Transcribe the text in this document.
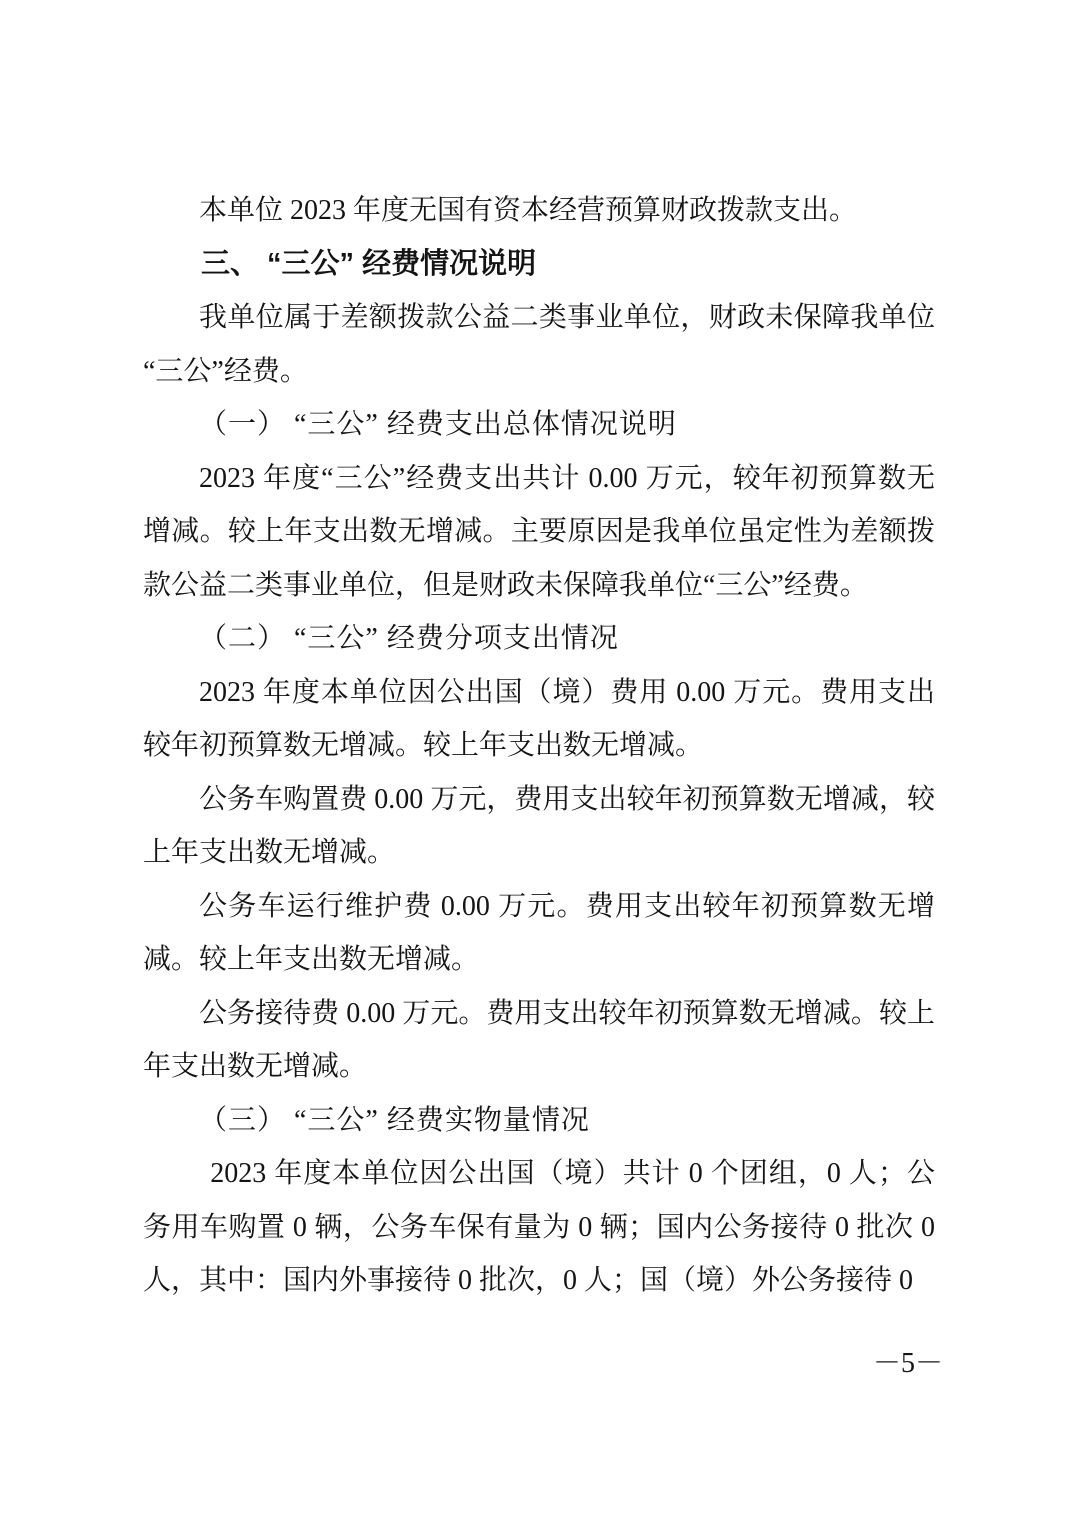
本单位 2023 年度无国有资本经营预算财政拨款支出。

三、 “三公” 经费情况说明

我单位属于差额拨款公益二类事业单位，财政未保障我单位“三公”经费。

（一） “三公” 经费支出总体情况说明

2023 年度“三公”经费支出共计 0.00 万元，较年初预算数无增减。较上年支出数无增减。主要原因是我单位虽定性为差额拨款公益二类事业单位，但是财政未保障我单位“三公”经费。

（二） “三公” 经费分项支出情况

2023 年度本单位因公出国（境）费用 0.00 万元。费用支出较年初预算数无增减。较上年支出数无增减。

公务车购置费 0.00 万元，费用支出较年初预算数无增减，较上年支出数无增减。

公务车运行维护费 0.00 万元。费用支出较年初预算数无增减。较上年支出数无增减。

公务接待费 0.00 万元。费用支出较年初预算数无增减。较上年支出数无增减。

（三） “三公” 经费实物量情况

2023 年度本单位因公出国（境）共计 0 个团组，0 人；公务用车购置 0 辆，公务车保有量为 0 辆；国内公务接待 0 批次 0 人，其中：国内外事接待 0 批次，0 人；国（境）外公务接待 0

－5－
